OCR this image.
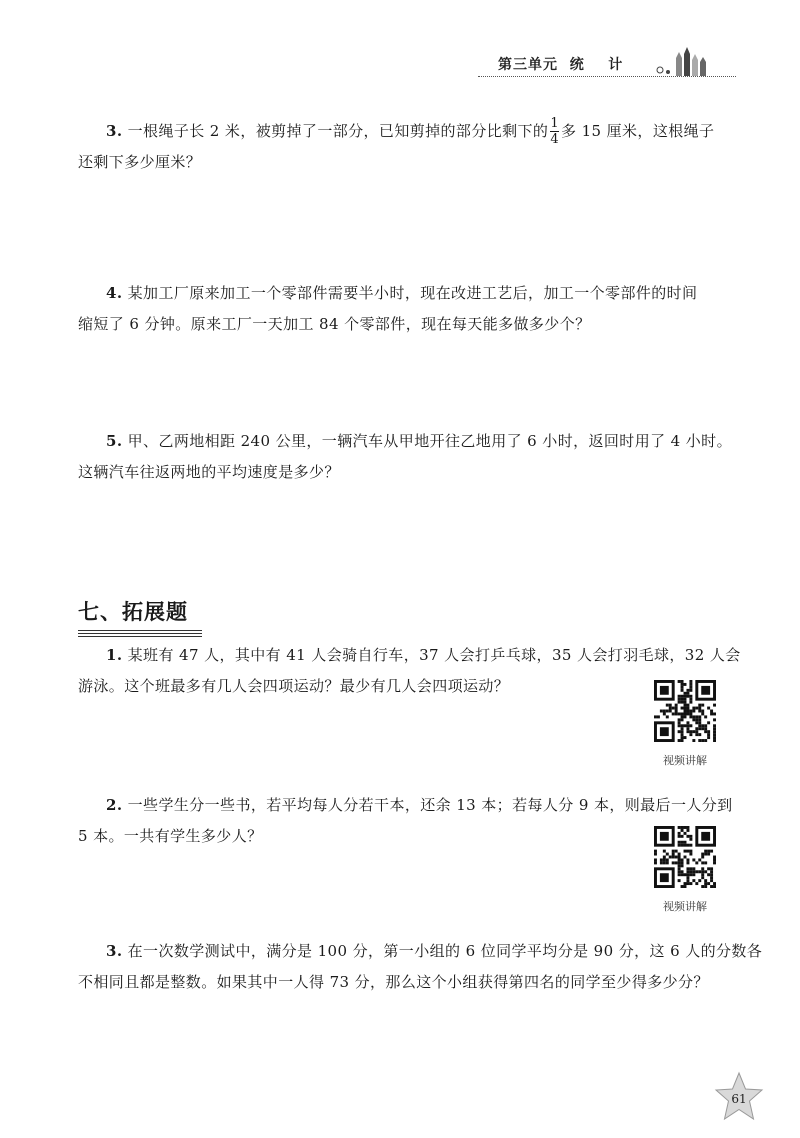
第三单元  统    计
3. 一根绳子长 2 米，被剪掉了一部分，已知剪掉的部分比剩下的 $\frac{1}{4}$ 多 15 厘米，这根绳子
还剩下多少厘米？
4. 某加工厂原来加工一个零部件需要半小时，现在改进工艺后，加工一个零部件的时间
缩短了 6 分钟。原来工厂一天加工 84 个零部件，现在每天能多做多少个？
5. 甲、乙两地相距 240 公里，一辆汽车从甲地开往乙地用了 6 小时，返回时用了 4 小时。
这辆汽车往返两地的平均速度是多少？
七、拓展题
1. 某班有 47 人，其中有 41 人会骑自行车，37 人会打乒乓球，35 人会打羽毛球，32 人会
游泳。这个班最多有几人会四项运动？最少有几人会四项运动？
视频讲解
2. 一些学生分一些书，若平均每人分若干本，还余 13 本；若每人分 9 本，则最后一人分到
5 本。一共有学生多少人？
视频讲解
3. 在一次数学测试中，满分是 100 分，第一小组的 6 位同学平均分是 90 分，这 6 人的分数各
不相同且都是整数。如果其中一人得 73 分，那么这个小组获得第四名的同学至少得多少分？
61
